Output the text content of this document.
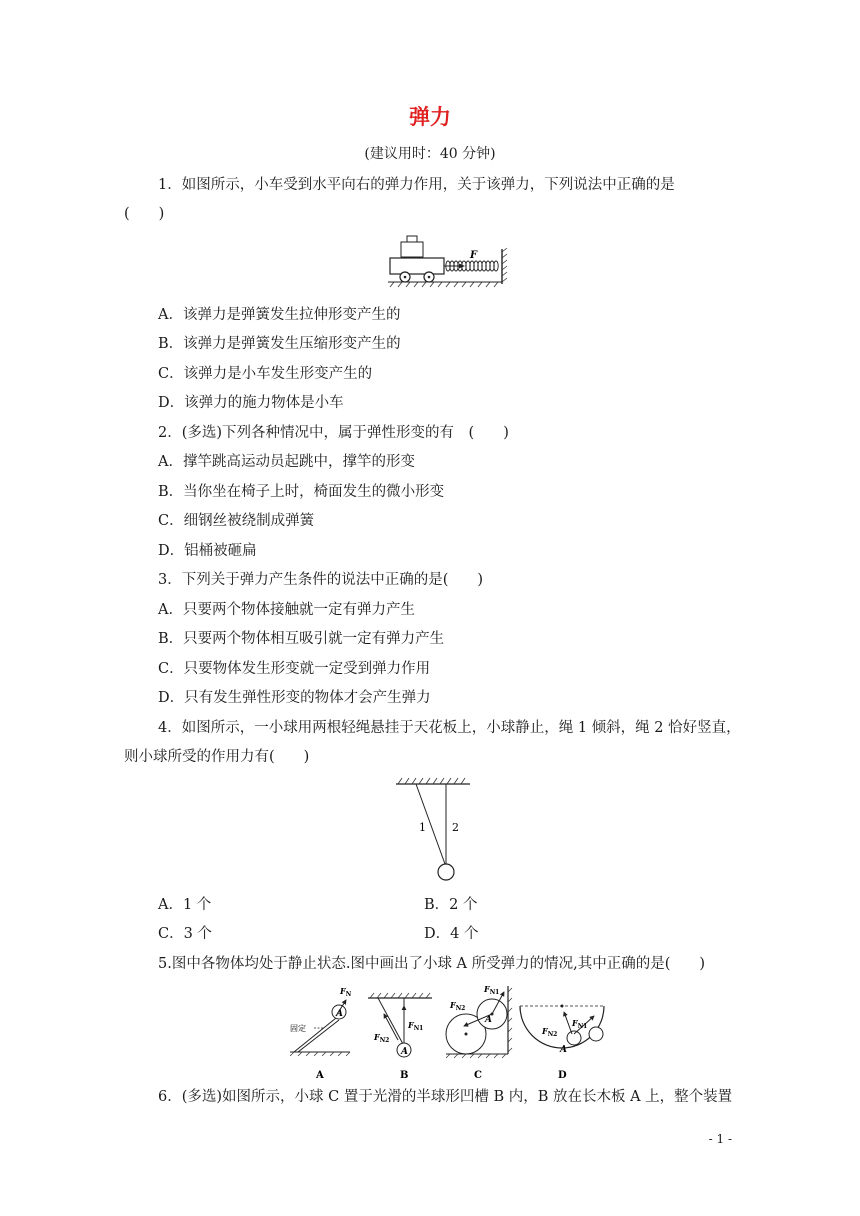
弹力
(建议用时：40 分钟)
1．如图所示，小车受到水平向右的弹力作用，关于该弹力，下列说法中正确的是
(　　)
F
A．该弹力是弹簧发生拉伸形变产生的
B．该弹力是弹簧发生压缩形变产生的
C．该弹力是小车发生形变产生的
D．该弹力的施力物体是小车
2．(多选)下列各种情况中，属于弹性形变的有　(　　)
A．撑竿跳高运动员起跳中，撑竿的形变
B．当你坐在椅子上时，椅面发生的微小形变
C．细钢丝被绕制成弹簧
D．铝桶被砸扁
3．下列关于弹力产生条件的说法中正确的是(　　)
A．只要两个物体接触就一定有弹力产生
B．只要两个物体相互吸引就一定有弹力产生
C．只要物体发生形变就一定受到弹力作用
D．只有发生弹性形变的物体才会产生弹力
4．如图所示，一小球用两根轻绳悬挂于天花板上，小球静止，绳 1 倾斜，绳 2 恰好竖直，
则小球所受的作用力有(　　)
1 2
A．1 个	B．2 个
C．3 个	D．4 个
5.图中各物体均处于静止状态.图中画出了小球 A 所受弹力的情况,其中正确的是(　　)
A
$F_N$
固定
A
A
$F_{N1}$
$F_{N2}$
B
A
$F_{N1}$
$F_{N2}$
C
A
$F_{N1}$
$F_{N2}$
D
6．(多选)如图所示，小球 C 置于光滑的半球形凹槽 B 内，B 放在长木板 A 上，整个装置
- 1 -
